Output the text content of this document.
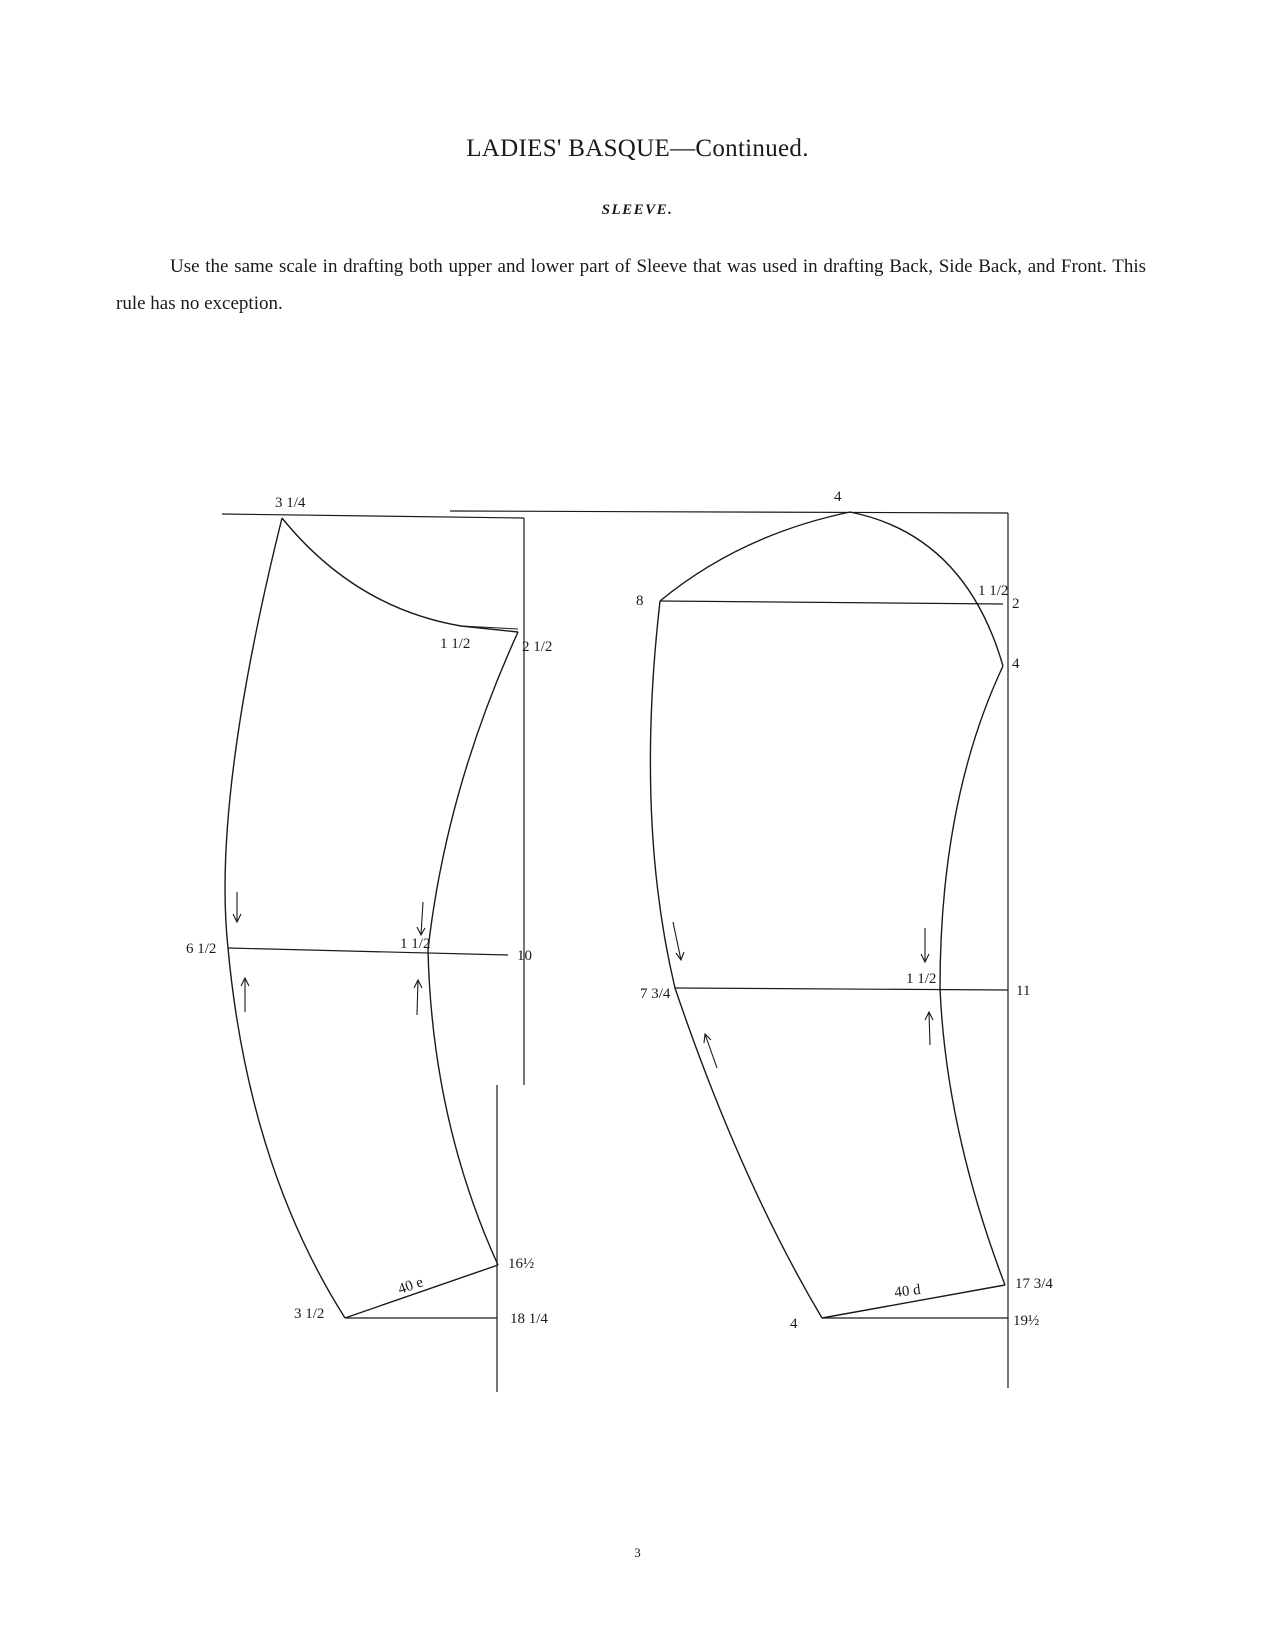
LADIES' BASQUE—Continued.
SLEEVE.
Use the same scale in drafting both upper and lower part of Sleeve that was used in drafting Back, Side Back, and Front. This rule has no exception.
3 1/4
1 1/2	2 1/2
6 1/2	1 1/2
10
16½
3 1/2	18 1/4
40 e
4
8
1 1/2
2
4
7 3/4
1 1/2
11
17 3/4
4	19½
40 d
3
